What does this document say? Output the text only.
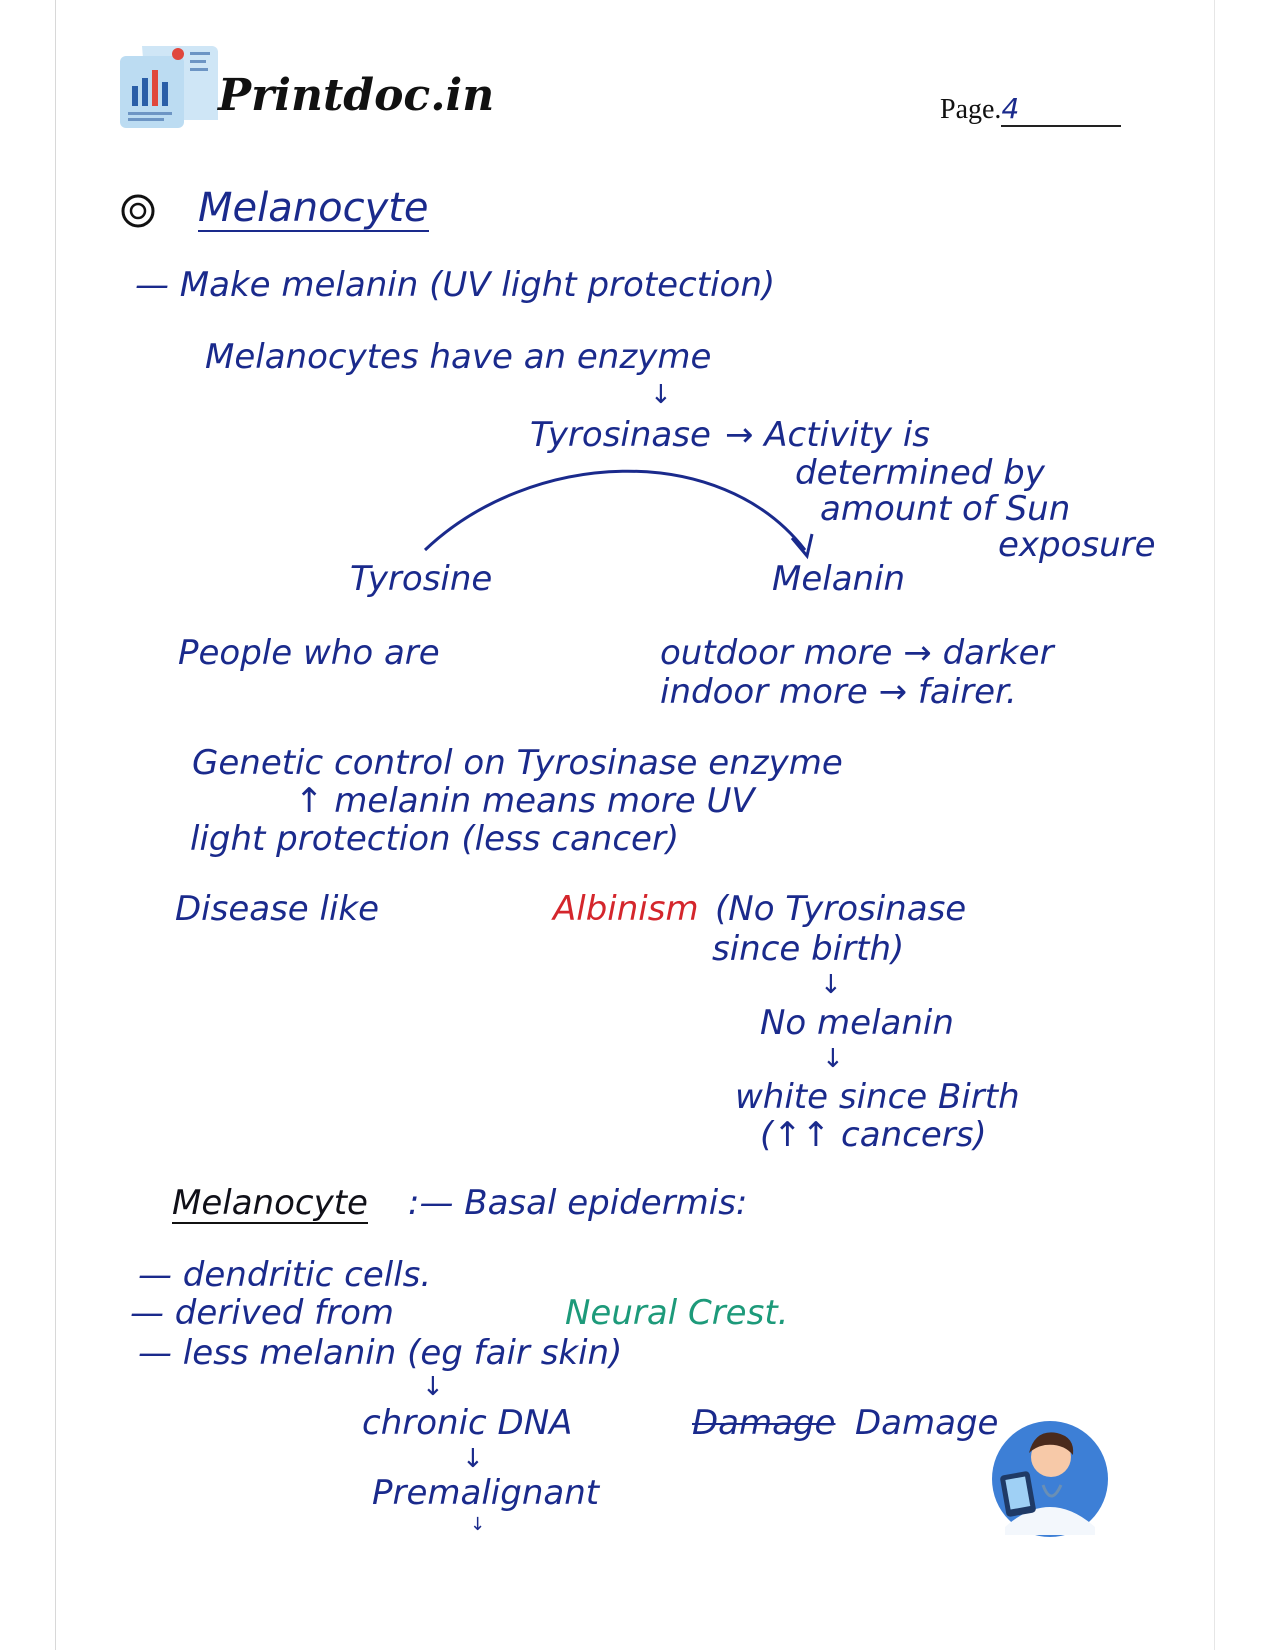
Printdoc.in	Page.4
Melanocyte
— Make melanin (UV light protection)
Melanocytes have an enzyme
↓
Tyrosinase → Activity is
determined by
amount of Sun
exposure
Tyrosine	Melanin
People who are	outdoor more → darker
indoor more → fairer.
Genetic control on Tyrosinase enzyme
↑ melanin means more UV
light protection (less cancer)
Disease like	Albinism (No Tyrosinase
since birth)
↓
No melanin
↓
white since Birth
(↑↑ cancers)
Melanocyte :— Basal epidermis:
— dendritic cells.
— derived from	Neural Crest.
— less melanin (eg fair skin)
↓
chronic DNA	Damage Damage
↓
Premalignant
↓
